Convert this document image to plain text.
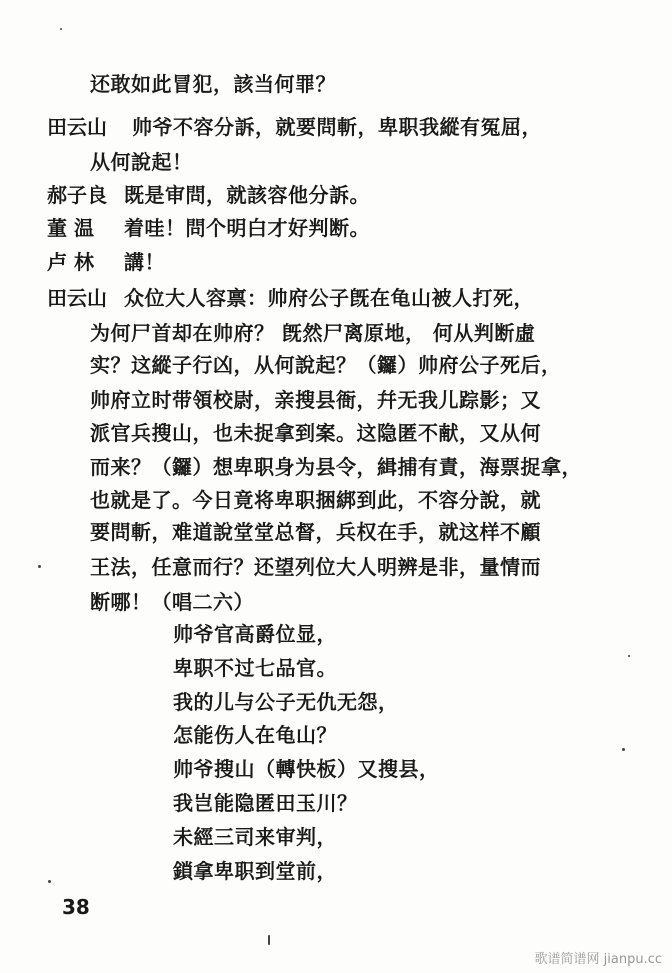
还敢如此冒犯，該当何罪？
田云山 帅爷不容分訴，就要問斬，卑职我縱有冤屈，
从何說起！
郝子良 既是审問，就該容他分訴。
董 温 着哇！問个明白才好判断。
卢 林 講！
田云山 众位大人容禀：帅府公子旣在龟山被人打死，
为何尸首却在帅府？ 旣然尸离原地， 何从判断虛
实？这縱子行凶，从何說起？（鑼）帅府公子死后，
帅府立时带領校尉，亲搜县衙，幷无我儿踪影；又
派官兵搜山，也未捉拿到案。这隐匿不献，又从何
而来？（鑼）想卑职身为县令，緝捕有責，海票捉拿，
也就是了。今日竟将卑职捆綁到此，不容分說，就
要問斬，难道說堂堂总督，兵权在手，就这样不顧
王法，任意而行？还望列位大人明辨是非，量情而
断哪！（唱二六）
帅爷官高爵位显，
卑职不过七品官。
我的儿与公子无仇无怨，
怎能伤人在龟山？
帅爷搜山（轉快板）又搜县，
我岂能隐匿田玉川？
未經三司来审判，
鎖拿卑职到堂前，
38
歌谱简谱网 jianpu.cc
